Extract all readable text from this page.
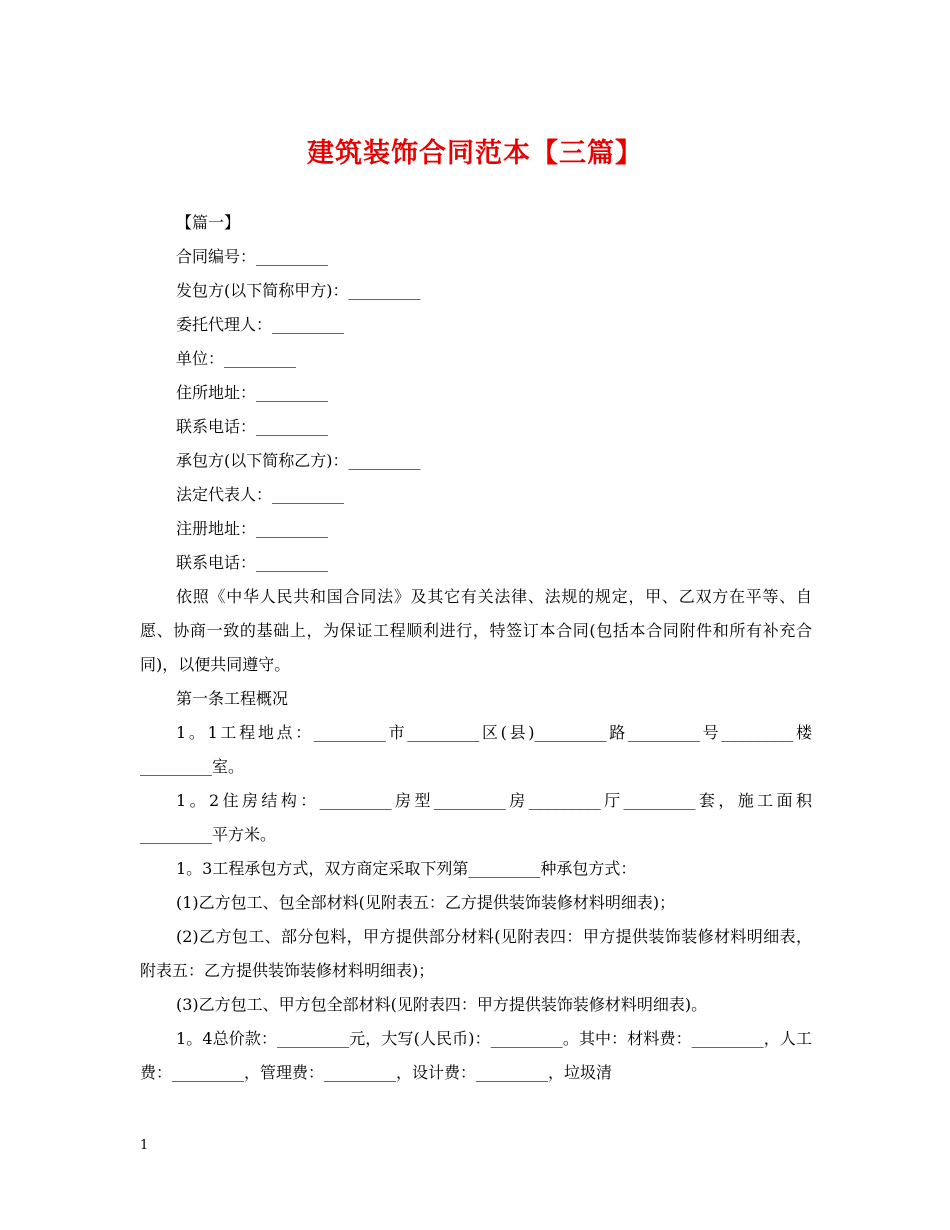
建筑装饰合同范本【三篇】
【篇一】
合同编号：_________
发包方(以下简称甲方)：_________
委托代理人：_________
单位：_________
住所地址：_________
联系电话：_________
承包方(以下简称乙方)：_________
法定代表人：_________
注册地址：_________
联系电话：_________

依照《中华人民共和国合同法》及其它有关法律、法规的规定，甲、乙双方在平等、自愿、协商一致的基础上，为保证工程顺利进行，特签订本合同(包括本合同附件和所有补充合同)，以便共同遵守。

第一条工程概况

1。1工程地点：_________市_________区(县)_________路_________号_________楼_________室。

1。2住房结构：_________房型_________房_________厅_________套，施工面积_________平方米。

1。3工程承包方式，双方商定采取下列第_________种承包方式：

(1)乙方包工、包全部材料(见附表五：乙方提供装饰装修材料明细表)；

(2)乙方包工、部分包料，甲方提供部分材料(见附表四：甲方提供装饰装修材料明细表，附表五：乙方提供装饰装修材料明细表)；

(3)乙方包工、甲方包全部材料(见附表四：甲方提供装饰装修材料明细表)。

1。4总价款：_________元，大写(人民币)：_________。其中：材料费：_________，人工费：_________，管理费：_________，设计费：_________，垃圾清

1
